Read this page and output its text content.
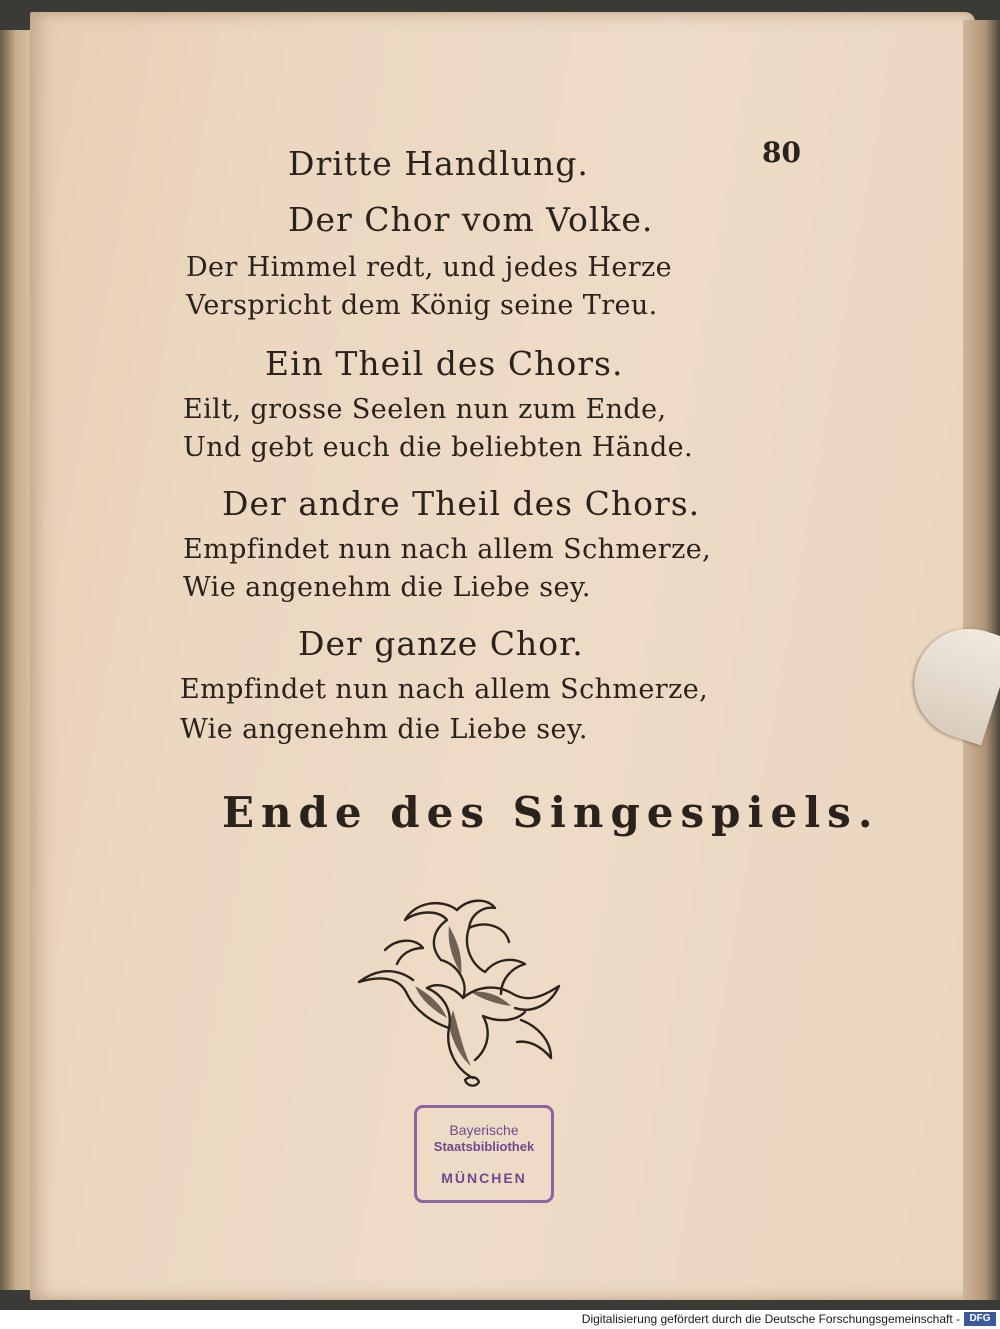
80
Dritte Handlung.
Der Chor vom Volke.
Der Himmel redt, und jedes Herze
Verspricht dem König seine Treu.
Ein Theil des Chors.
Eilt, grosse Seelen nun zum Ende,
Und gebt euch die beliebten Hände.
Der andre Theil des Chors.
Empfindet nun nach allem Schmerze,
Wie angenehm die Liebe sey.
Der ganze Chor.
Empfindet nun nach allem Schmerze,
Wie angenehm die Liebe sey.
Ende des Singespiels.
Bayerische
Staatsbibliothek
MÜNCHEN
Digitalisierung gefördert durch die Deutsche Forschungsgemeinschaft - DFG
